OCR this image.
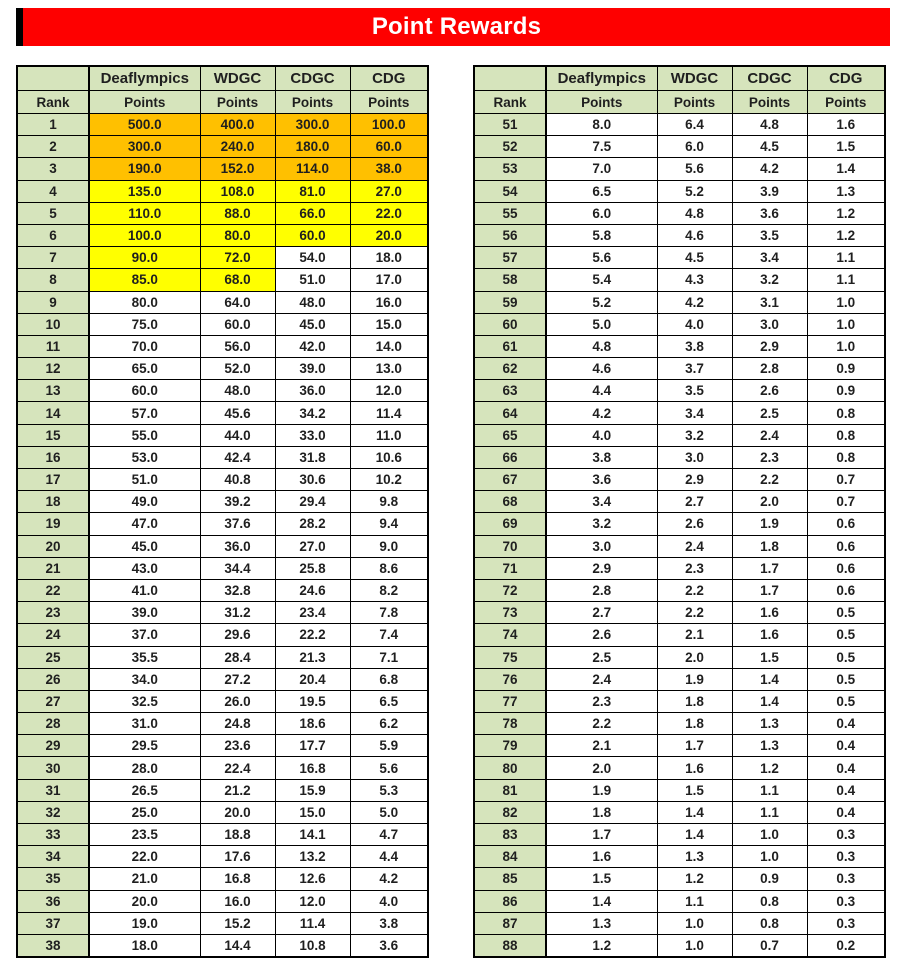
Point Rewards
	Deaflympics	WDGC	CDGC	CDG
Rank	Points	Points	Points	Points
1	500.0	400.0	300.0	100.0
2	300.0	240.0	180.0	60.0
3	190.0	152.0	114.0	38.0
4	135.0	108.0	81.0	27.0
5	110.0	88.0	66.0	22.0
6	100.0	80.0	60.0	20.0
7	90.0	72.0	54.0	18.0
8	85.0	68.0	51.0	17.0
9	80.0	64.0	48.0	16.0
10	75.0	60.0	45.0	15.0
11	70.0	56.0	42.0	14.0
12	65.0	52.0	39.0	13.0
13	60.0	48.0	36.0	12.0
14	57.0	45.6	34.2	11.4
15	55.0	44.0	33.0	11.0
16	53.0	42.4	31.8	10.6
17	51.0	40.8	30.6	10.2
18	49.0	39.2	29.4	9.8
19	47.0	37.6	28.2	9.4
20	45.0	36.0	27.0	9.0
21	43.0	34.4	25.8	8.6
22	41.0	32.8	24.6	8.2
23	39.0	31.2	23.4	7.8
24	37.0	29.6	22.2	7.4
25	35.5	28.4	21.3	7.1
26	34.0	27.2	20.4	6.8
27	32.5	26.0	19.5	6.5
28	31.0	24.8	18.6	6.2
29	29.5	23.6	17.7	5.9
30	28.0	22.4	16.8	5.6
31	26.5	21.2	15.9	5.3
32	25.0	20.0	15.0	5.0
33	23.5	18.8	14.1	4.7
34	22.0	17.6	13.2	4.4
35	21.0	16.8	12.6	4.2
36	20.0	16.0	12.0	4.0
37	19.0	15.2	11.4	3.8
38	18.0	14.4	10.8	3.6
	Deaflympics	WDGC	CDGC	CDG
Rank	Points	Points	Points	Points
51	8.0	6.4	4.8	1.6
52	7.5	6.0	4.5	1.5
53	7.0	5.6	4.2	1.4
54	6.5	5.2	3.9	1.3
55	6.0	4.8	3.6	1.2
56	5.8	4.6	3.5	1.2
57	5.6	4.5	3.4	1.1
58	5.4	4.3	3.2	1.1
59	5.2	4.2	3.1	1.0
60	5.0	4.0	3.0	1.0
61	4.8	3.8	2.9	1.0
62	4.6	3.7	2.8	0.9
63	4.4	3.5	2.6	0.9
64	4.2	3.4	2.5	0.8
65	4.0	3.2	2.4	0.8
66	3.8	3.0	2.3	0.8
67	3.6	2.9	2.2	0.7
68	3.4	2.7	2.0	0.7
69	3.2	2.6	1.9	0.6
70	3.0	2.4	1.8	0.6
71	2.9	2.3	1.7	0.6
72	2.8	2.2	1.7	0.6
73	2.7	2.2	1.6	0.5
74	2.6	2.1	1.6	0.5
75	2.5	2.0	1.5	0.5
76	2.4	1.9	1.4	0.5
77	2.3	1.8	1.4	0.5
78	2.2	1.8	1.3	0.4
79	2.1	1.7	1.3	0.4
80	2.0	1.6	1.2	0.4
81	1.9	1.5	1.1	0.4
82	1.8	1.4	1.1	0.4
83	1.7	1.4	1.0	0.3
84	1.6	1.3	1.0	0.3
85	1.5	1.2	0.9	0.3
86	1.4	1.1	0.8	0.3
87	1.3	1.0	0.8	0.3
88	1.2	1.0	0.7	0.2
